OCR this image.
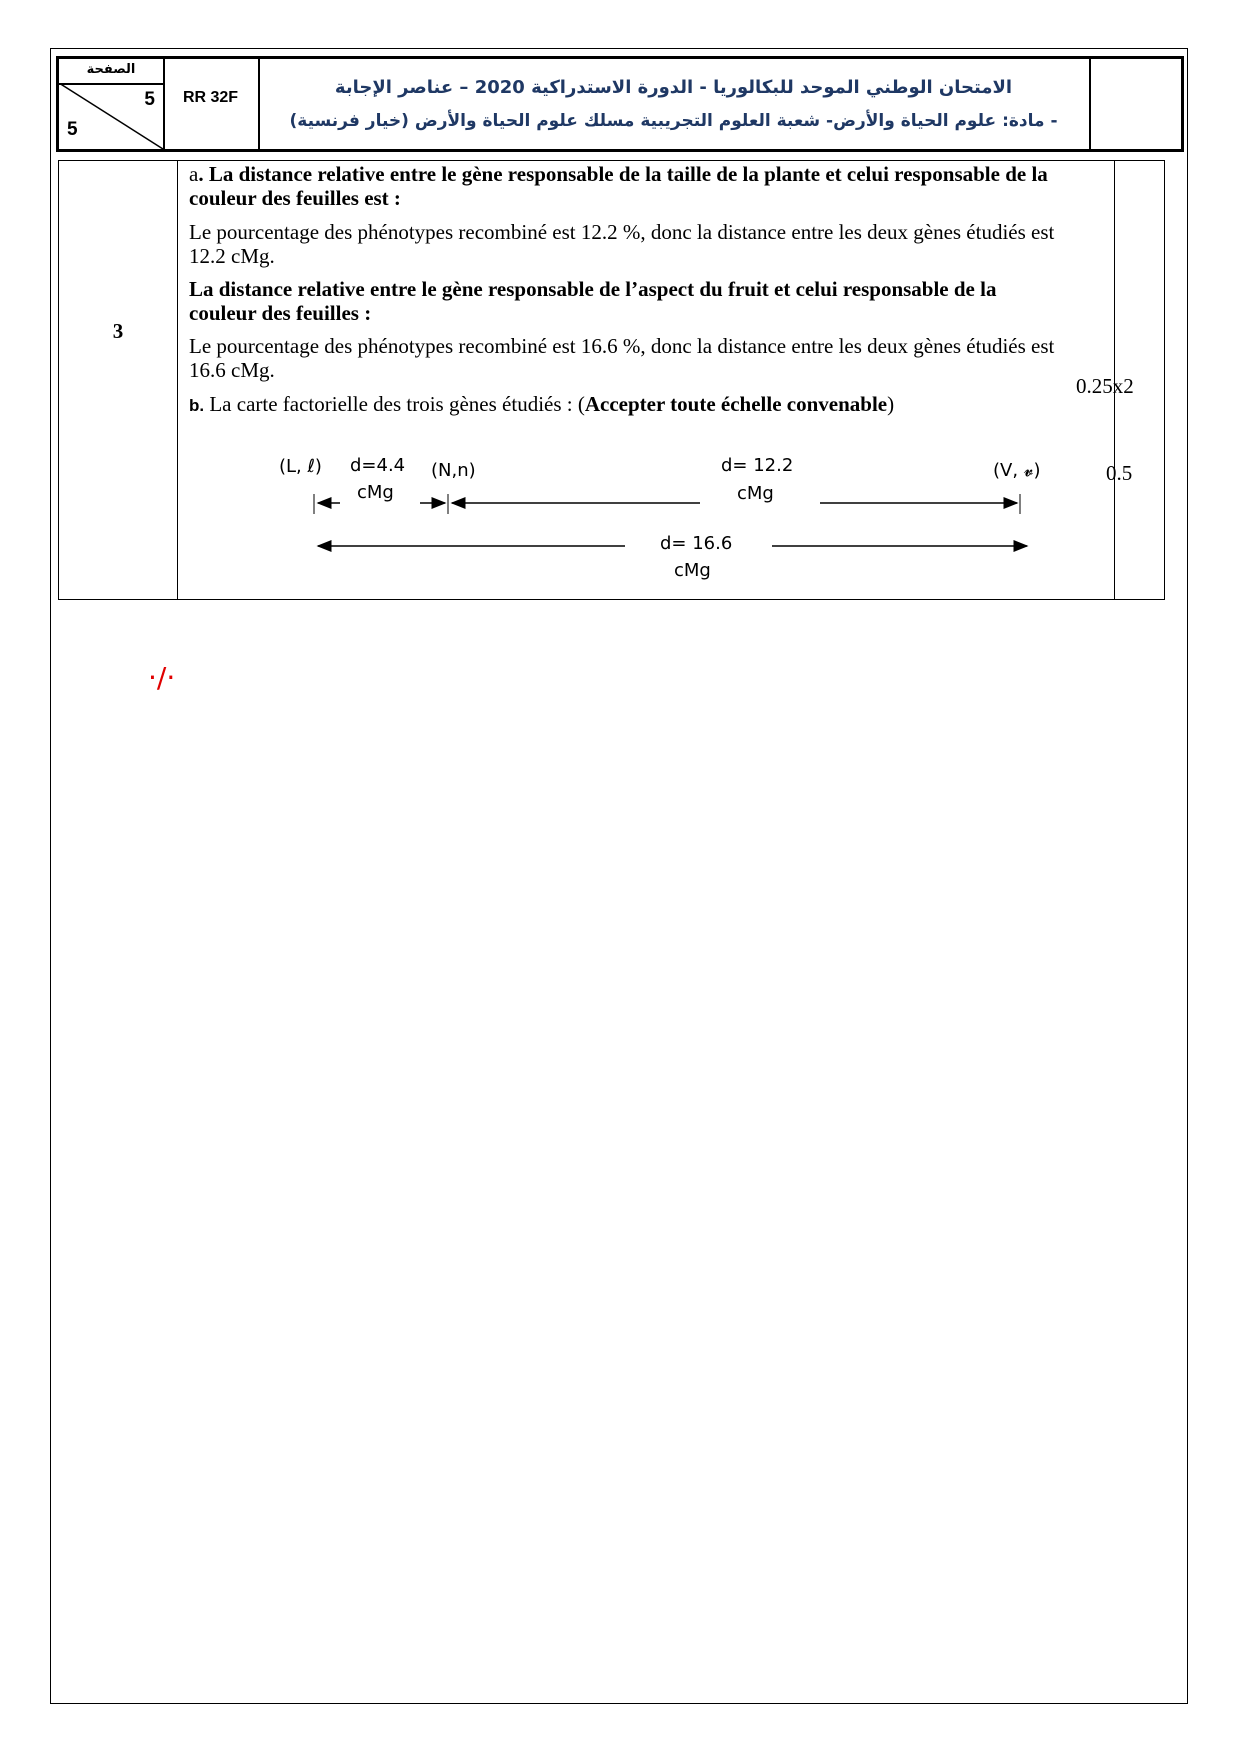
الصفحة
5
5
RR 32F	الامتحان الوطني الموحد للبكالوريا - الدورة الاستدراكية 2020 – عناصر الإجابة
- مادة: علوم الحياة والأرض- شعبة العلوم التجريبية مسلك علوم الحياة والأرض (خيار فرنسية)
3
a. La distance relative entre le gène responsable de la taille de la plante et celui responsable de la couleur des feuilles est :
Le pourcentage des phénotypes recombiné est 12.2 %, donc la distance entre les deux gènes étudiés est 12.2 cMg.
La distance relative entre le gène responsable de l’aspect du fruit et celui responsable de la couleur des feuilles :
Le pourcentage des phénotypes recombiné est 16.6 %, donc la distance entre les deux gènes étudiés est 16.6 cMg.
b. La carte factorielle des trois gènes étudiés : (Accepter toute échelle convenable)
0.25x2
0.5
(L, ℓ)	(N,n)	(V, 𝓿)
d=4.4
cMg
d= 12.2
cMg
d= 16.6
cMg
·/·
